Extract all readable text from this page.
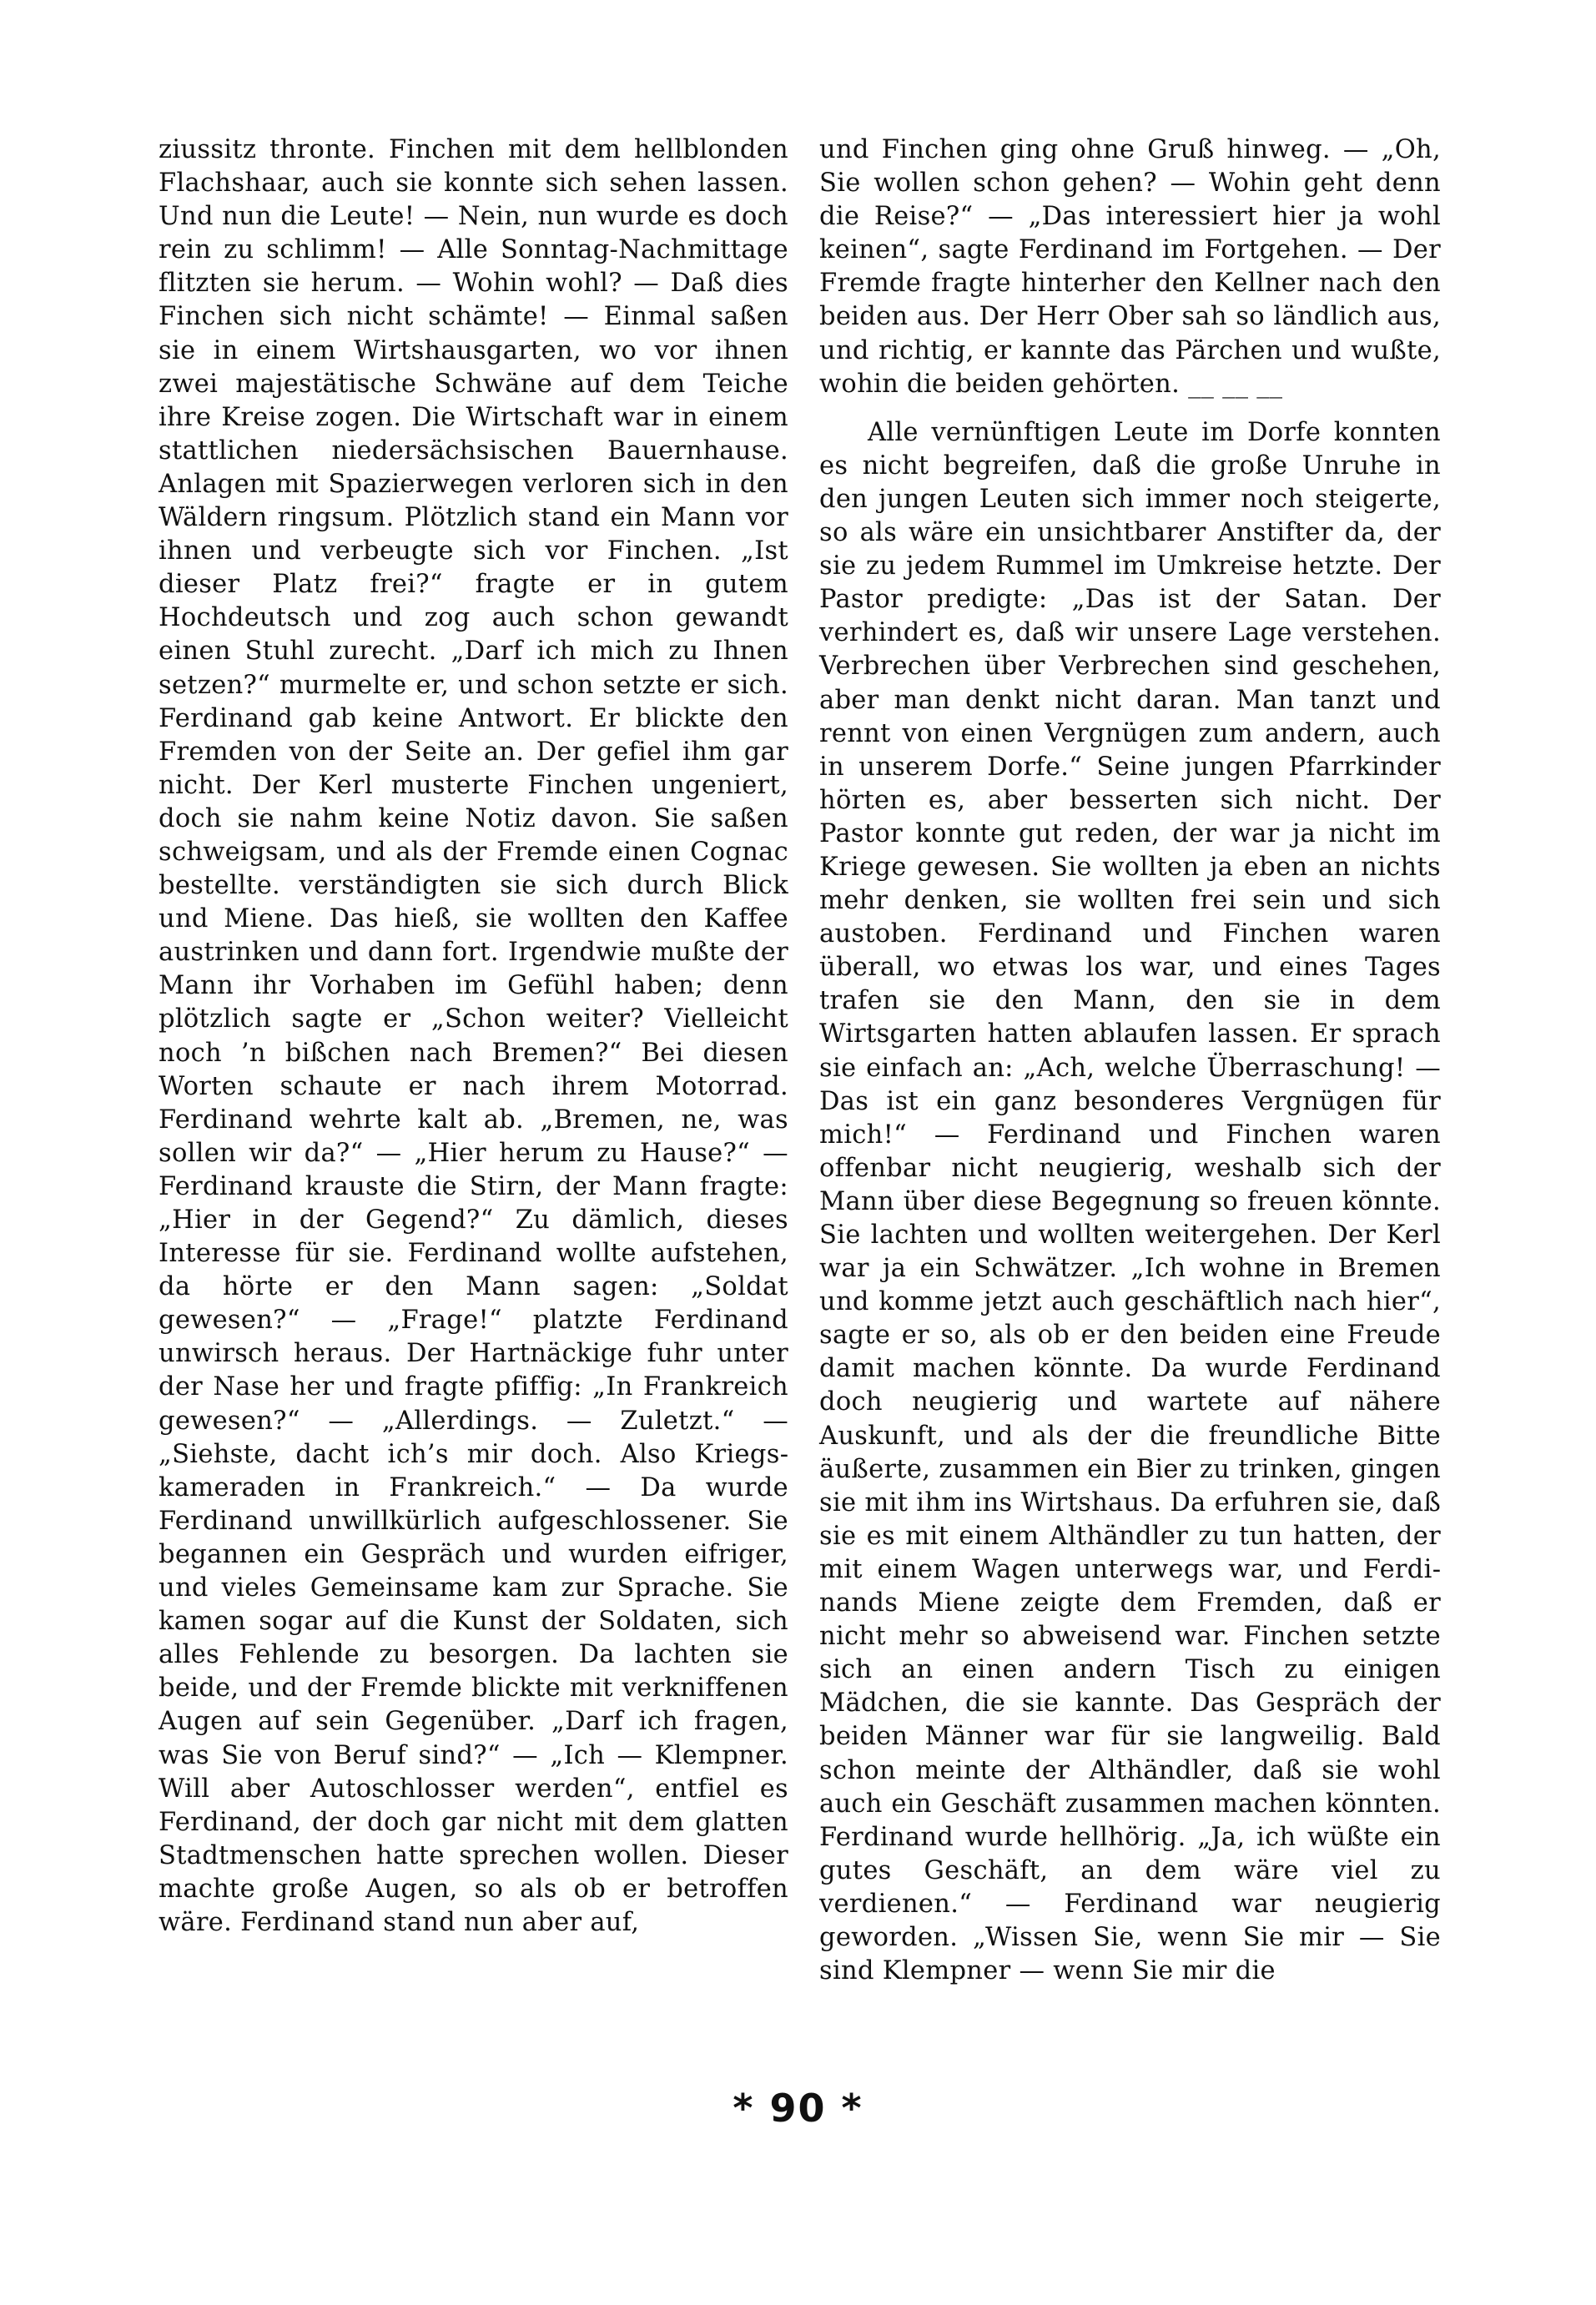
ziussitz thronte. Finchen mit dem hellblonden Flachshaar, auch sie konnte sich sehen lassen. Und nun die Leute! — Nein, nun wurde es doch rein zu schlimm! — Alle Sonntag-Nachmittage flitzten sie herum. — Wohin wohl? — Daß dies Finchen sich nicht schämte! — Einmal saßen sie in einem Wirtshausgarten, wo vor ihnen zwei majestätische Schwäne auf dem Teiche ihre Kreise zogen. Die Wirtschaft war in einem stattlichen niedersächsischen Bauernhause. Anlagen mit Spazierwegen verloren sich in den Wäldern ringsum. Plötzlich stand ein Mann vor ihnen und verbeugte sich vor Finchen. „Ist dieser Platz frei?“ fragte er in gutem Hochdeutsch und zog auch schon gewandt einen Stuhl zurecht. „Darf ich mich zu Ihnen setzen?“ murmelte er, und schon setzte er sich. Ferdinand gab keine Antwort. Er blickte den Fremden von der Seite an. Der gefiel ihm gar nicht. Der Kerl musterte Finchen ungeniert, doch sie nahm keine Notiz davon. Sie saßen schweigsam, und als der Fremde einen Cognac bestellte. verständigten sie sich durch Blick und Miene. Das hieß, sie wollten den Kaffee austrinken und dann fort. Irgendwie mußte der Mann ihr Vorhaben im Gefühl haben; denn plötzlich sagte er „Schon weiter? Vielleicht noch ’n bißchen nach Bremen?“ Bei diesen Worten schaute er nach ihrem Motorrad. Ferdinand wehrte kalt ab. „Bremen, ne, was sollen wir da?“ — „Hier herum zu Hause?“ — Ferdinand krauste die Stirn, der Mann fragte: „Hier in der Gegend?“ Zu dämlich, dieses Interesse für sie. Ferdinand wollte aufstehen, da hörte er den Mann sagen: „Soldat gewesen?“ — „Frage!“ platzte Ferdinand unwirsch heraus. Der Hartnäckige fuhr unter der Nase her und fragte pfiffig: „In Frankreich gewesen?“ — „Allerdings. — Zuletzt.“ — „Siehste, dacht ich’s mir doch. Also Kriegskameraden in Frankreich.“ — Da wurde Ferdinand unwillkürlich aufgeschlossener. Sie begannen ein Gespräch und wurden eifriger, und vieles Gemeinsame kam zur Sprache. Sie kamen sogar auf die Kunst der Soldaten, sich alles Fehlende zu besorgen. Da lachten sie beide, und der Fremde blickte mit verkniffenen Augen auf sein Gegenüber. „Darf ich fragen, was Sie von Beruf sind?“ — „Ich — Klempner. Will aber Autoschlosser werden“, entfiel es Ferdinand, der doch gar nicht mit dem glatten Stadtmenschen hatte sprechen wollen. Dieser machte große Augen, so als ob er betroffen wäre. Ferdinand stand nun aber auf,

und Finchen ging ohne Gruß hinweg. — „Oh, Sie wollen schon gehen? — Wohin geht denn die Reise?“ — „Das interessiert hier ja wohl keinen“, sagte Ferdinand im Fortgehen. — Der Fremde fragte hinterher den Kellner nach den beiden aus. Der Herr Ober sah so ländlich aus, und richtig, er kannte das Pärchen und wußte, wohin die beiden gehörten. __ __ __

Alle vernünftigen Leute im Dorfe konnten es nicht begreifen, daß die große Unruhe in den jungen Leuten sich immer noch steigerte, so als wäre ein unsichtbarer Anstifter da, der sie zu jedem Rummel im Umkreise hetzte. Der Pastor predigte: „Das ist der Satan. Der verhindert es, daß wir unsere Lage verstehen. Verbrechen über Verbrechen sind geschehen, aber man denkt nicht daran. Man tanzt und rennt von einen Vergnügen zum andern, auch in unserem Dorfe.“ Seine jungen Pfarrkinder hörten es, aber besserten sich nicht. Der Pastor konnte gut reden, der war ja nicht im Kriege gewesen. Sie wollten ja eben an nichts mehr denken, sie wollten frei sein und sich austoben. Ferdinand und Finchen waren überall, wo etwas los war, und eines Tages trafen sie den Mann, den sie in dem Wirtsgarten hatten ablaufen lassen. Er sprach sie einfach an: „Ach, welche Überraschung! — Das ist ein ganz besonderes Vergnügen für mich!“ — Ferdinand und Finchen waren offenbar nicht neugierig, weshalb sich der Mann über diese Begegnung so freuen könnte. Sie lachten und wollten weitergehen. Der Kerl war ja ein Schwätzer. „Ich wohne in Bremen und komme jetzt auch geschäftlich nach hier“, sagte er so, als ob er den beiden eine Freude damit machen könnte. Da wurde Ferdinand doch neugierig und wartete auf nähere Auskunft, und als der die freundliche Bitte äußerte, zusammen ein Bier zu trinken, gingen sie mit ihm ins Wirtshaus. Da erfuhren sie, daß sie es mit einem Althändler zu tun hatten, der mit einem Wagen unterwegs war, und Ferdinands Miene zeigte dem Fremden, daß er nicht mehr so abweisend war. Finchen setzte sich an einen andern Tisch zu einigen Mädchen, die sie kannte. Das Gespräch der beiden Männer war für sie langweilig. Bald schon meinte der Althändler, daß sie wohl auch ein Geschäft zusammen machen könnten. Ferdinand wurde hellhörig. „Ja, ich wüßte ein gutes Geschäft, an dem wäre viel zu verdienen.“ — Ferdinand war neugierig geworden. „Wissen Sie, wenn Sie mir — Sie sind Klempner — wenn Sie mir die

* 90 *
